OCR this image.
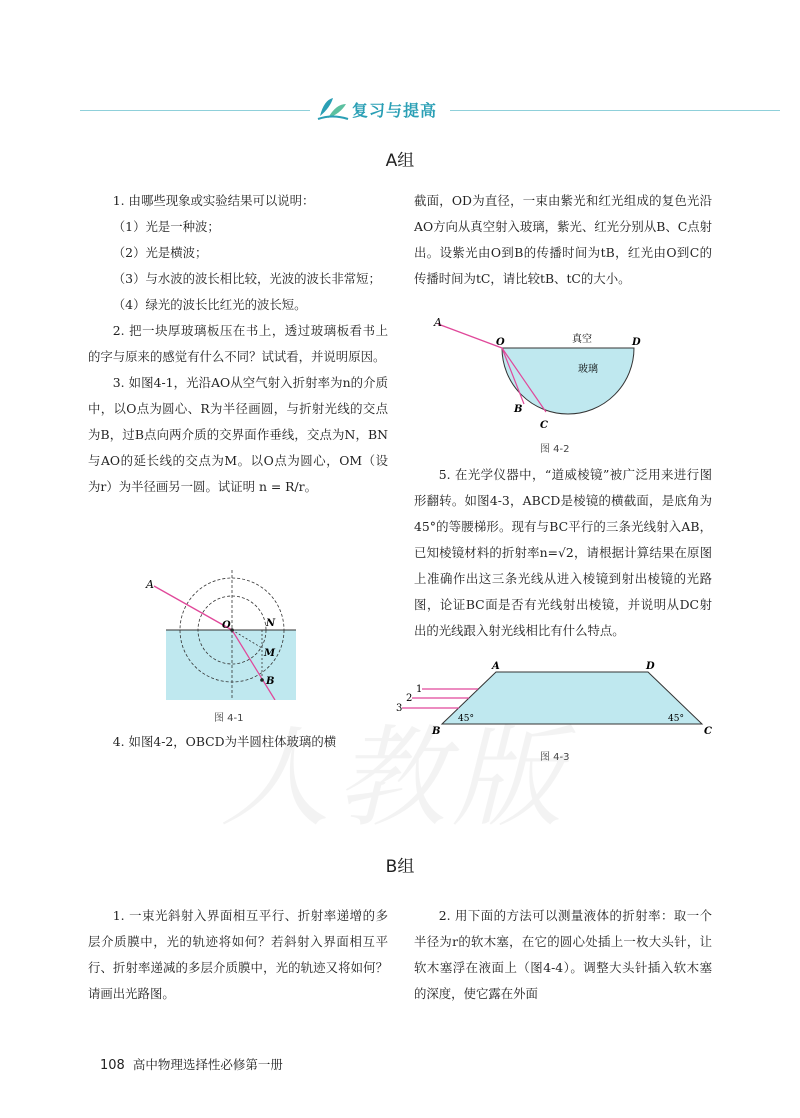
复习与提高
A组

1. 由哪些现象或实验结果可以说明：

（1）光是一种波；

（2）光是横波；

（3）与水波的波长相比较，光波的波长非常短；

（4）绿光的波长比红光的波长短。

2. 把一块厚玻璃板压在书上，透过玻璃板看书上的字与原来的感觉有什么不同？试试看，并说明原因。

3. 如图4-1，光沿AO从空气射入折射率为n的介质中，以O点为圆心、R为半径画圆，与折射光线的交点为B，过B点向两介质的交界面作垂线，交点为N，BN与AO的延长线的交点为M。以O点为圆心，OM（设为r）为半径画另一圆。试证明 n = R/r。

A
O	N
M
B
图 4-1

4. 如图4-2，OBCD为半圆柱体玻璃的横

截面，OD为直径，一束由紫光和红光组成的复色光沿AO方向从真空射入玻璃，紫光、红光分别从B、C点射出。设紫光由O到B的传播时间为tB，红光由O到C的传播时间为tC，请比较tB、tC的大小。

A
O	D
B
C
真空
玻璃
图 4-2

5. 在光学仪器中，“道威棱镜”被广泛用来进行图形翻转。如图4-3，ABCD是棱镜的横截面，是底角为45°的等腰梯形。现有与BC平行的三条光线射入AB，已知棱镜材料的折射率n=√2，请根据计算结果在原图上准确作出这三条光线从进入棱镜到射出棱镜的光路图，论证BC面是否有光线射出棱镜，并说明从DC射出的光线跟入射光线相比有什么特点。

A	D
B	C
1
2
3
45°	45°
图 4-3
B组

1. 一束光斜射入界面相互平行、折射率递增的多层介质膜中，光的轨迹将如何？若斜射入界面相互平行、折射率递减的多层介质膜中，光的轨迹又将如何？请画出光路图。

2. 用下面的方法可以测量液体的折射率：取一个半径为r的软木塞，在它的圆心处插上一枚大头针，让软木塞浮在液面上（图4-4）。调整大头针插入软木塞的深度，使它露在外面

108 高中物理选择性必修第一册
